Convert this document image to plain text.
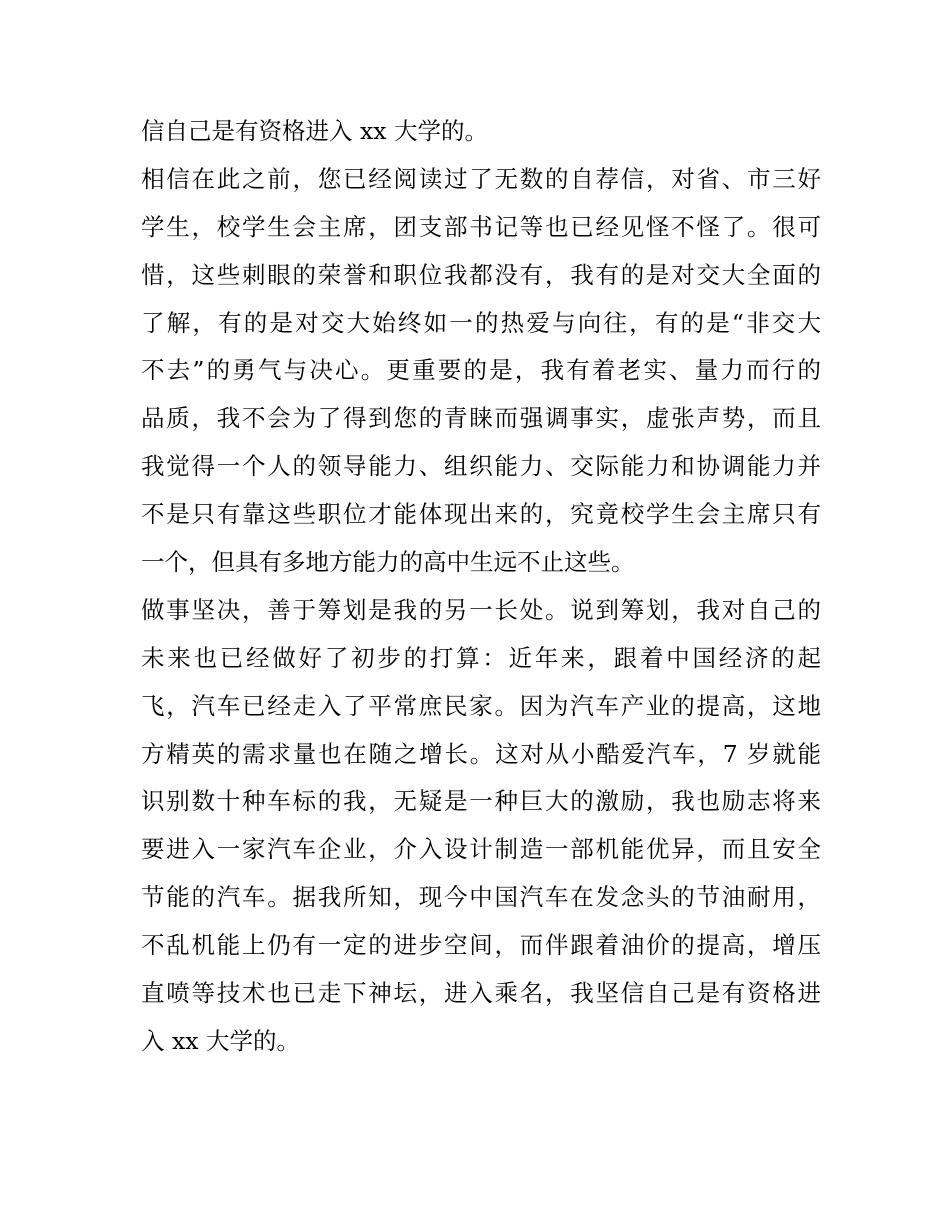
信自己是有资格进入 xx 大学的。
相信在此之前，您已经阅读过了无数的自荐信，对省、市三好
学生，校学生会主席，团支部书记等也已经见怪不怪了。很可
惜，这些刺眼的荣誉和职位我都没有，我有的是对交大全面的
了解，有的是对交大始终如一的热爱与向往，有的是“非交大
不去”的勇气与决心。更重要的是，我有着老实、量力而行的
品质，我不会为了得到您的青睐而强调事实，虚张声势，而且
我觉得一个人的领导能力、组织能力、交际能力和协调能力并
不是只有靠这些职位才能体现出来的，究竟校学生会主席只有
一个，但具有多地方能力的高中生远不止这些。
做事坚决，善于筹划是我的另一长处。说到筹划，我对自己的
未来也已经做好了初步的打算：近年来，跟着中国经济的起
飞，汽车已经走入了平常庶民家。因为汽车产业的提高，这地
方精英的需求量也在随之增长。这对从小酷爱汽车，7 岁就能
识别数十种车标的我，无疑是一种巨大的激励，我也励志将来
要进入一家汽车企业，介入设计制造一部机能优异，而且安全
节能的汽车。据我所知，现今中国汽车在发念头的节油耐用，
不乱机能上仍有一定的进步空间，而伴跟着油价的提高，增压
直喷等技术也已走下神坛，进入乘名，我坚信自己是有资格进
入 xx 大学的。
